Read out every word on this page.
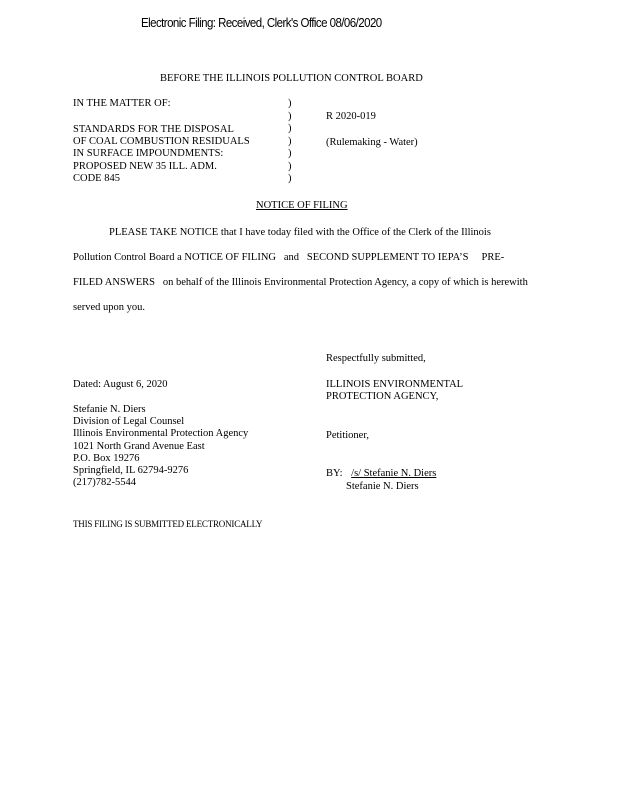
Electronic Filing: Received, Clerk's Office 08/06/2020
BEFORE THE ILLINOIS POLLUTION CONTROL BOARD
IN THE MATTER OF:
STANDARDS FOR THE DISPOSAL
OF COAL COMBUSTION RESIDUALS
IN SURFACE IMPOUNDMENTS:
PROPOSED NEW 35 ILL. ADM.
CODE 845
)
)
)
)
)
)
)
R 2020-019
(Rulemaking - Water)
NOTICE OF FILING
PLEASE TAKE NOTICE that I have today filed with the Office of the Clerk of the Illinois
Pollution Control Board a NOTICE OF FILING   and   SECOND SUPPLEMENT TO IEPA’S     PRE-
FILED ANSWERS   on behalf of the Illinois Environmental Protection Agency, a copy of which is herewith
served upon you.
Respectfully submitted,
Dated: August 6, 2020	ILLINOIS ENVIRONMENTAL
PROTECTION AGENCY,
Stefanie N. Diers
Division of Legal Counsel
Illinois Environmental Protection Agency
1021 North Grand Avenue East
P.O. Box 19276
Springfield, IL 62794-9276
(217)782-5544
Petitioner,
BY: /s/ Stefanie N. Diers
Stefanie N. Diers
THIS FILING IS SUBMITTED ELECTRONICALLY
